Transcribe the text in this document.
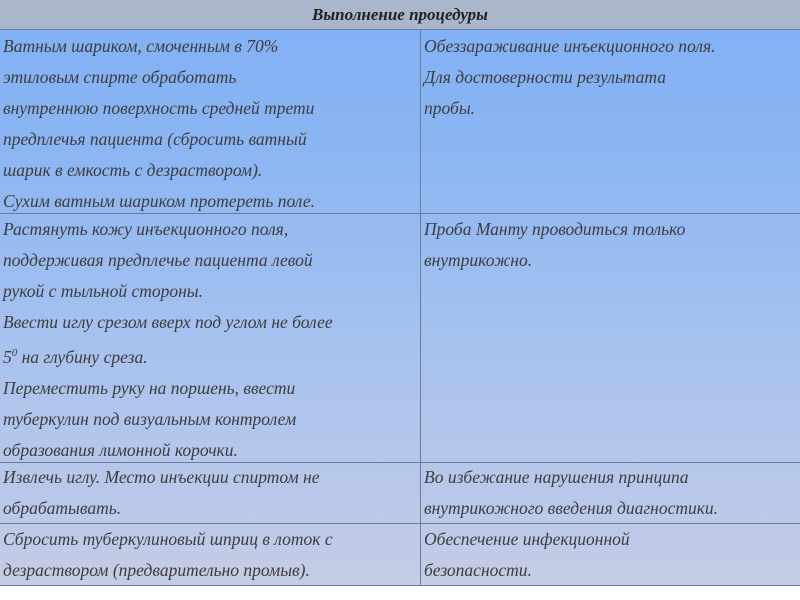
Выполнение процедуры

Ватным шариком, смоченным в 70%

этиловым спирте обработать

внутреннюю поверхность средней трети

предплечья пациента (сбросить ватный

шарик в емкость с дезраствором).

Сухим ватным шариком протереть поле.

Обеззараживание инъекционного поля.

Для достоверности результата

пробы.

Растянуть кожу инъекционного поля,

поддерживая предплечье пациента левой

рукой с тыльной стороны.

Ввести иглу срезом вверх под углом не более

$5^0$ на глубину среза.

Переместить руку на поршень, ввести

туберкулин под визуальным контролем

образования лимонной корочки.

Проба Манту проводиться только

внутрикожно.

Извлечь иглу. Место инъекции спиртом не

обрабатывать.

Во избежание нарушения принципа

внутрикожного введения диагностики.

Сбросить туберкулиновый шприц в лоток с

дезраствором (предварительно промыв).

Обеспечение инфекционной

безопасности.
